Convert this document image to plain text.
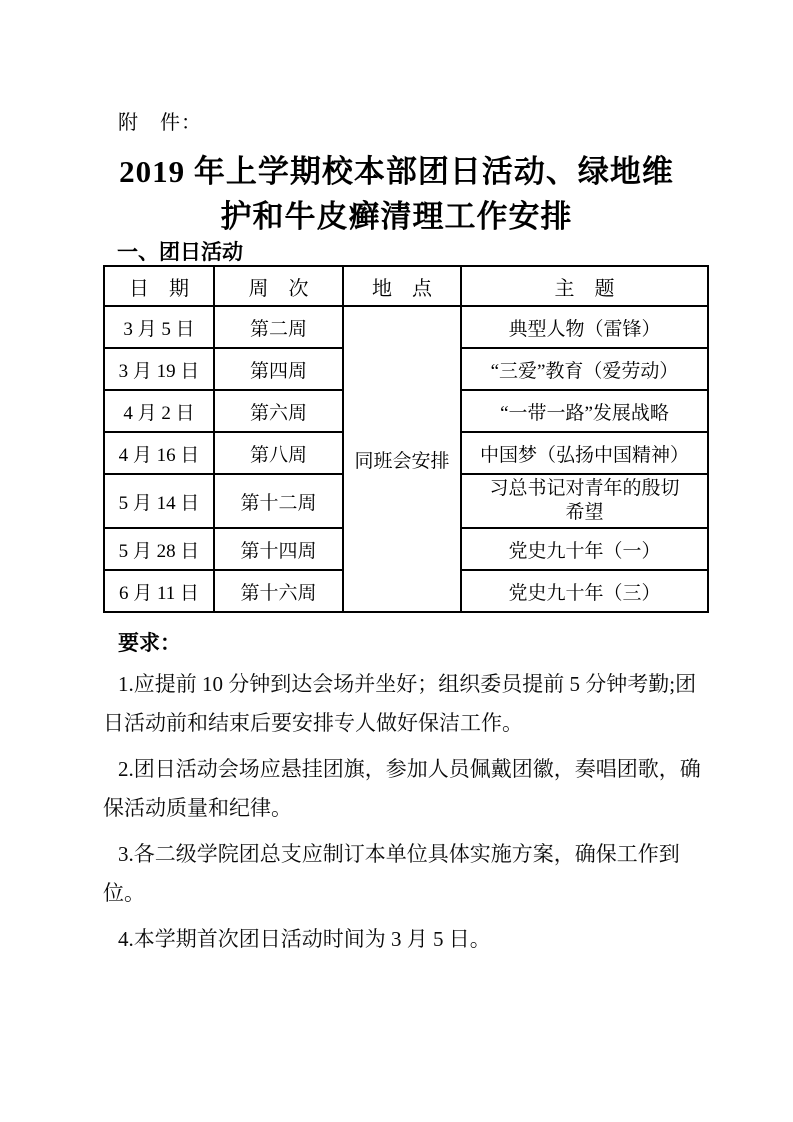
附　件：
2019 年上学期校本部团日活动、绿地维
护和牛皮癣清理工作安排
一、团日活动
日　期	周　次	地　点	主　题
3 月 5 日	第二周	同班会安排	典型人物（雷锋）
3 月 19 日	第四周		“三爱”教育（爱劳动）
4 月 2 日	第六周		“一带一路”发展战略
4 月 16 日	第八周		中国梦（弘扬中国精神）
5 月 14 日	第十二周		习总书记对青年的殷切希望
5 月 28 日	第十四周		党史九十年（一）
6 月 11 日	第十六周		党史九十年（三）
要求：

1.应提前 10 分钟到达会场并坐好；组织委员提前 5 分钟考勤;团日活动前和结束后要安排专人做好保洁工作。

2.团日活动会场应悬挂团旗，参加人员佩戴团徽，奏唱团歌，确保活动质量和纪律。

3.各二级学院团总支应制订本单位具体实施方案，确保工作到位。

4.本学期首次团日活动时间为 3 月 5 日。
